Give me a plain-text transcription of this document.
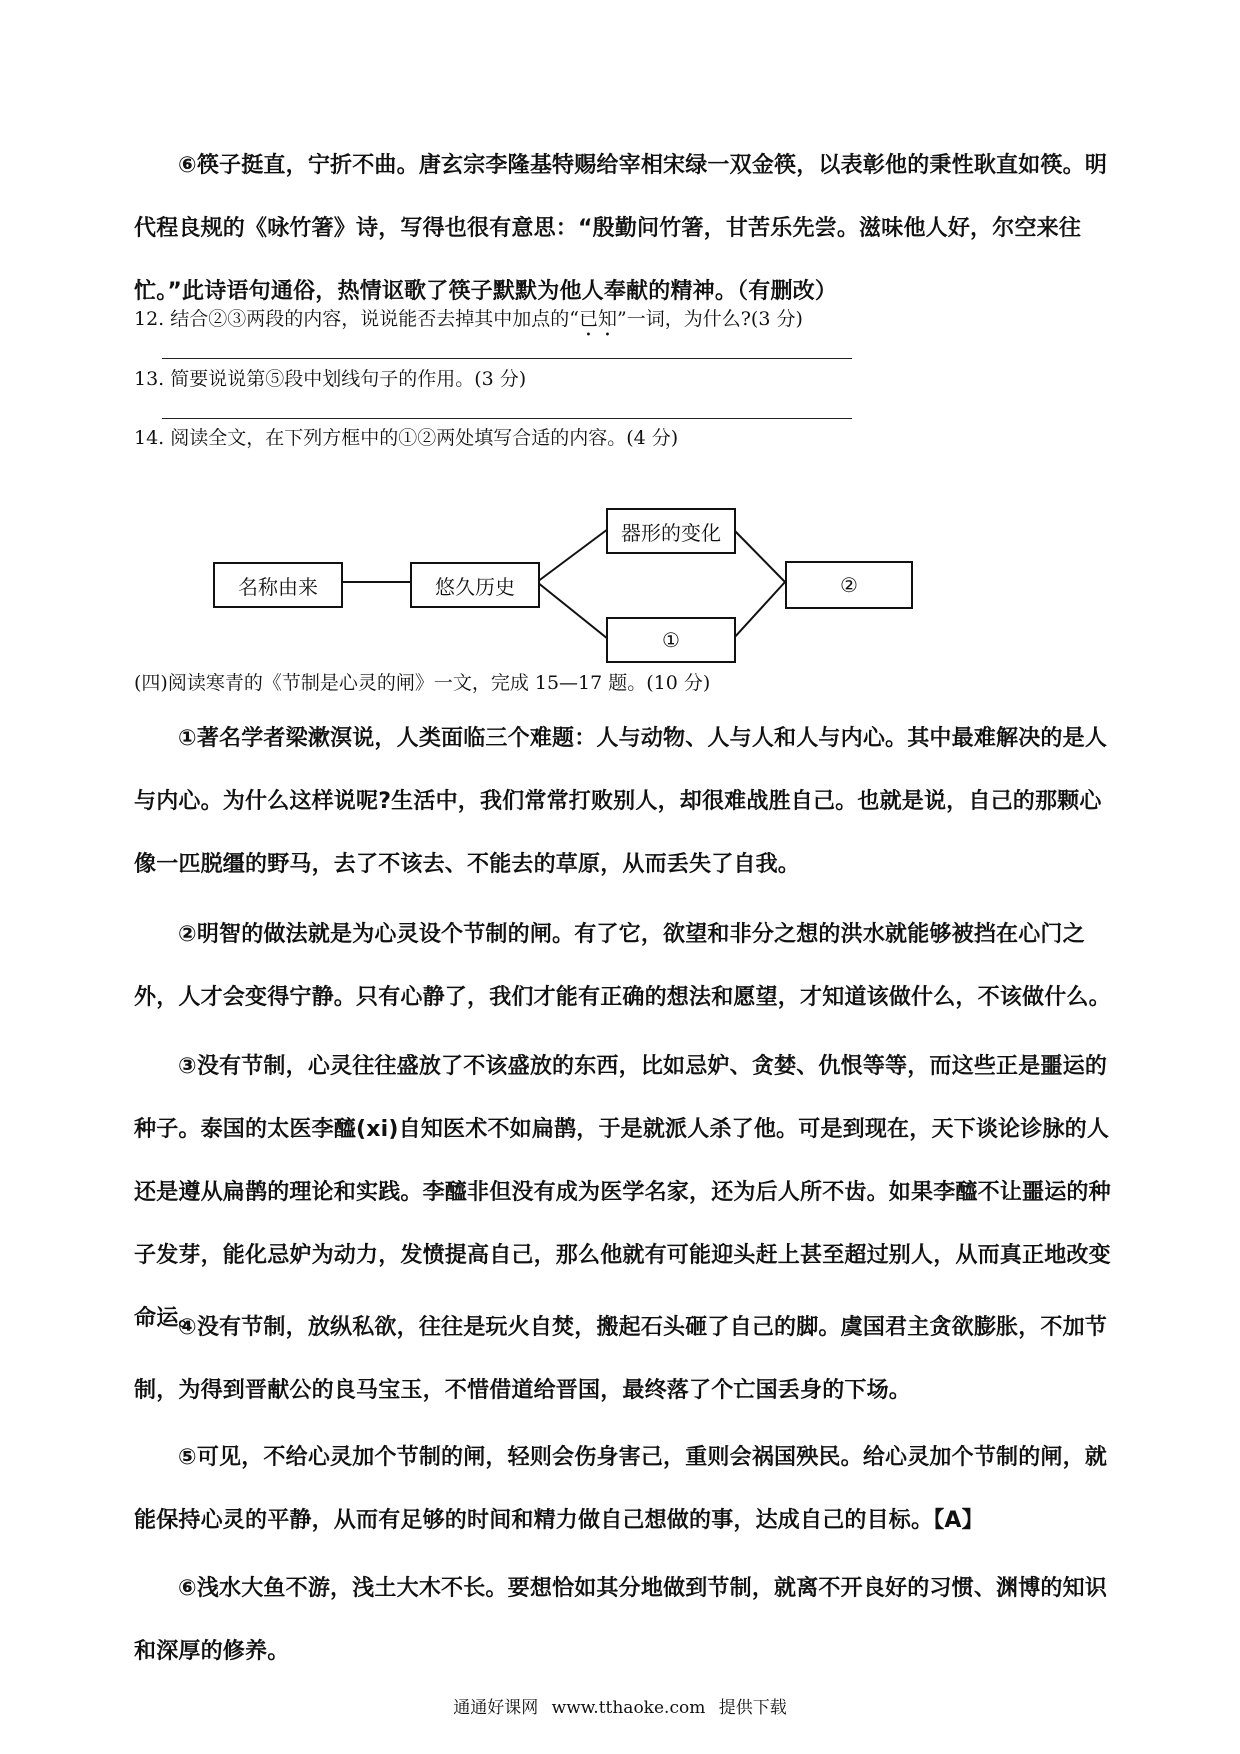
⑥筷子挺直，宁折不曲。唐玄宗李隆基特赐给宰相宋绿一双金筷，以表彰他的秉性耿直如筷。明代程良规的《咏竹箸》诗，写得也很有意思：“殷勤问竹箸，甘苦乐先尝。滋味他人好，尔空来往忙。”此诗语句通俗，热情讴歌了筷子默默为他人奉献的精神。（有删改）

12. 结合②③两段的内容，说说能否去掉其中加点的“已知”一词，为什么?(3 分)

13. 简要说说第⑤段中划线句子的作用。(3 分)

14. 阅读全文，在下列方框中的①②两处填写合适的内容。(4 分)

名称由来	悠久历史
器形的变化
①
②
(四)阅读寒青的《节制是心灵的闸》一文，完成 15—17 题。(10 分)

①著名学者梁漱溟说，人类面临三个难题：人与动物、人与人和人与内心。其中最难解决的是人与内心。为什么这样说呢?生活中，我们常常打败别人，却很难战胜自己。也就是说，自己的那颗心像一匹脱缰的野马，去了不该去、不能去的草原，从而丢失了自我。

②明智的做法就是为心灵设个节制的闸。有了它，欲望和非分之想的洪水就能够被挡在心门之外，人才会变得宁静。只有心静了，我们才能有正确的想法和愿望，才知道该做什么，不该做什么。

③没有节制，心灵往往盛放了不该盛放的东西，比如忌妒、贪婪、仇恨等等，而这些正是噩运的种子。泰国的太医李醯(xi)自知医术不如扁鹊，于是就派人杀了他。可是到现在，天下谈论诊脉的人还是遵从扁鹊的理论和实践。李醯非但没有成为医学名家，还为后人所不齿。如果李醯不让噩运的种子发芽，能化忌妒为动力，发愤提高自己，那么他就有可能迎头赶上甚至超过别人，从而真正地改变命运。

④没有节制，放纵私欲，往往是玩火自焚，搬起石头砸了自己的脚。虞国君主贪欲膨胀，不加节制，为得到晋献公的良马宝玉，不惜借道给晋国，最终落了个亡国丢身的下场。

⑤可见，不给心灵加个节制的闸，轻则会伤身害己，重则会祸国殃民。给心灵加个节制的闸，就能保持心灵的平静，从而有足够的时间和精力做自己想做的事，达成自己的目标。【A】

⑥浅水大鱼不游，浅土大木不长。要想恰如其分地做到节制，就离不开良好的习惯、渊博的知识和深厚的修养。

通通好课网 www.tthaoke.com 提供下载
